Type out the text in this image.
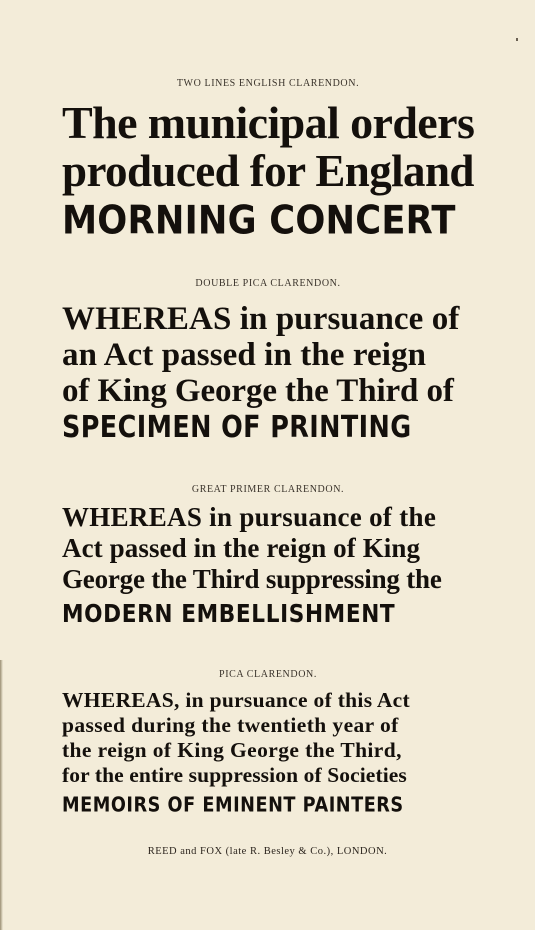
TWO LINES ENGLISH CLARENDON.

The municipal orders

produced for England

MORNING CONCERT

DOUBLE PICA CLARENDON.

WHEREAS in pursuance of

an Act passed in the reign

of King George the Third of

SPECIMEN OF PRINTING

GREAT PRIMER CLARENDON.

WHEREAS in pursuance of the

Act passed in the reign of King

George the Third suppressing the

MODERN EMBELLISHMENT

PICA CLARENDON.

WHEREAS, in pursuance of this Act

passed during the twentieth year of

the reign of King George the Third,

for the entire suppression of Societies

MEMOIRS OF EMINENT PAINTERS

REED and FOX (late R. Besley & Co.), LONDON.
